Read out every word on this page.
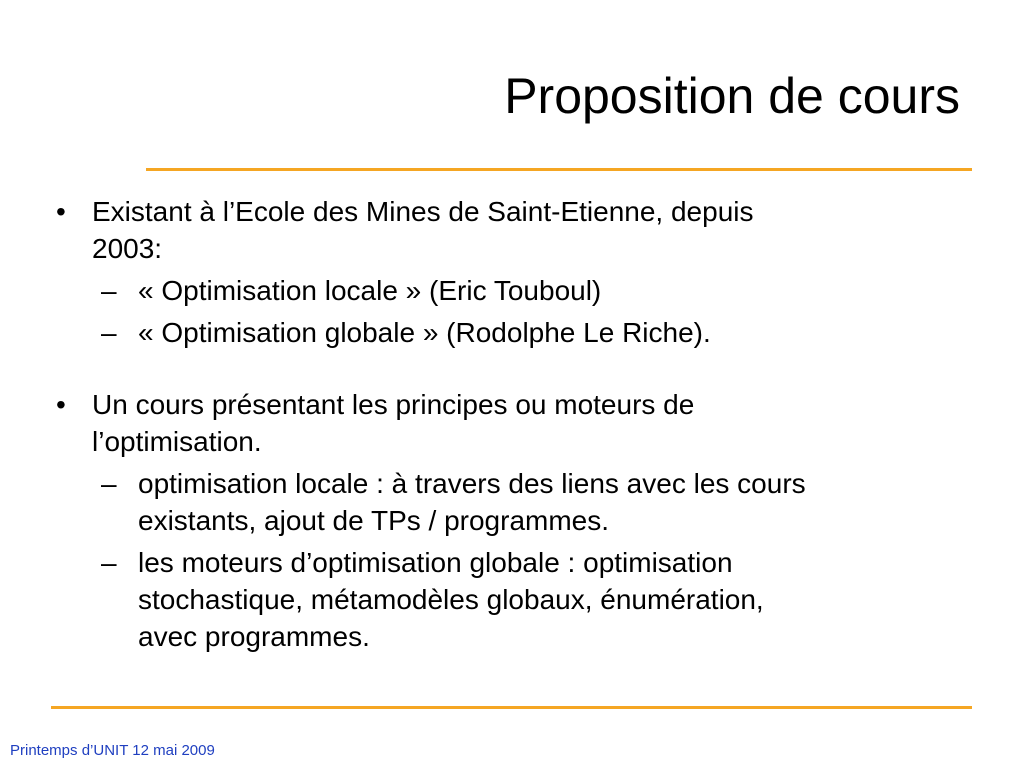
Proposition de cours
• Existant à l’Ecole des Mines de Saint-Etienne, depuis
2003:
– « Optimisation locale » (Eric Touboul)
– « Optimisation globale » (Rodolphe Le Riche).
• Un cours présentant les principes ou moteurs de
l’optimisation.
– optimisation locale : à travers des liens avec les cours
existants, ajout de TPs / programmes.
– les moteurs d’optimisation globale : optimisation
stochastique, métamodèles globaux, énumération,
avec programmes.
Printemps d’UNIT 12 mai 2009
